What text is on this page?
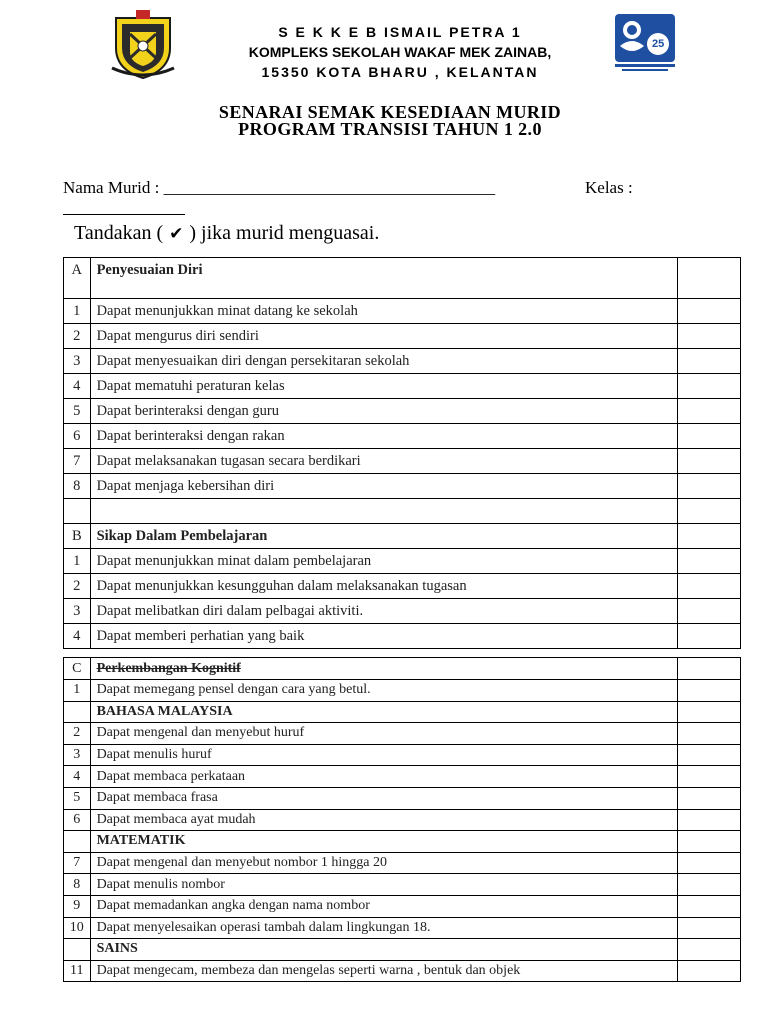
S E K K E B ISMAIL PETRA 1
KOMPLEKS SEKOLAH WAKAF MEK ZAINAB,
15350 KOTA BHARU , KELANTAN
25
SENARAI SEMAK KESEDIAAN MURID
PROGRAM TRANSISI TAHUN 1 2.0
Nama Murid : _______________________________________	Kelas :
Tandakan ( ✔ ) jika murid menguasai.
A	Penyesuaian Diri	
1	Dapat menunjukkan minat datang ke sekolah	
2	Dapat mengurus diri sendiri	
3	Dapat menyesuaikan diri dengan persekitaran sekolah	
4	Dapat mematuhi peraturan kelas	
5	Dapat berinteraksi dengan guru	
6	Dapat berinteraksi dengan rakan	
7	Dapat melaksanakan tugasan secara berdikari	
8	Dapat menjaga kebersihan diri	

B	Sikap Dalam Pembelajaran	
1	Dapat menunjukkan minat dalam pembelajaran	
2	Dapat menunjukkan kesungguhan dalam melaksanakan tugasan	
3	Dapat melibatkan diri dalam pelbagai aktiviti.	
4	Dapat memberi perhatian yang baik	
C	Perkembangan Kognitif	
1	Dapat memegang pensel dengan cara yang betul.	
	BAHASA MALAYSIA	
2	Dapat mengenal dan menyebut huruf	
3	Dapat menulis huruf	
4	Dapat membaca perkataan	
5	Dapat membaca frasa	
6	Dapat membaca ayat mudah	
	MATEMATIK	
7	Dapat mengenal dan menyebut nombor 1 hingga 20	
8	Dapat menulis nombor	
9	Dapat memadankan angka dengan nama nombor	
10	Dapat menyelesaikan operasi tambah dalam lingkungan 18.	
	SAINS	
11	Dapat mengecam, membeza dan mengelas seperti warna , bentuk dan objek	
